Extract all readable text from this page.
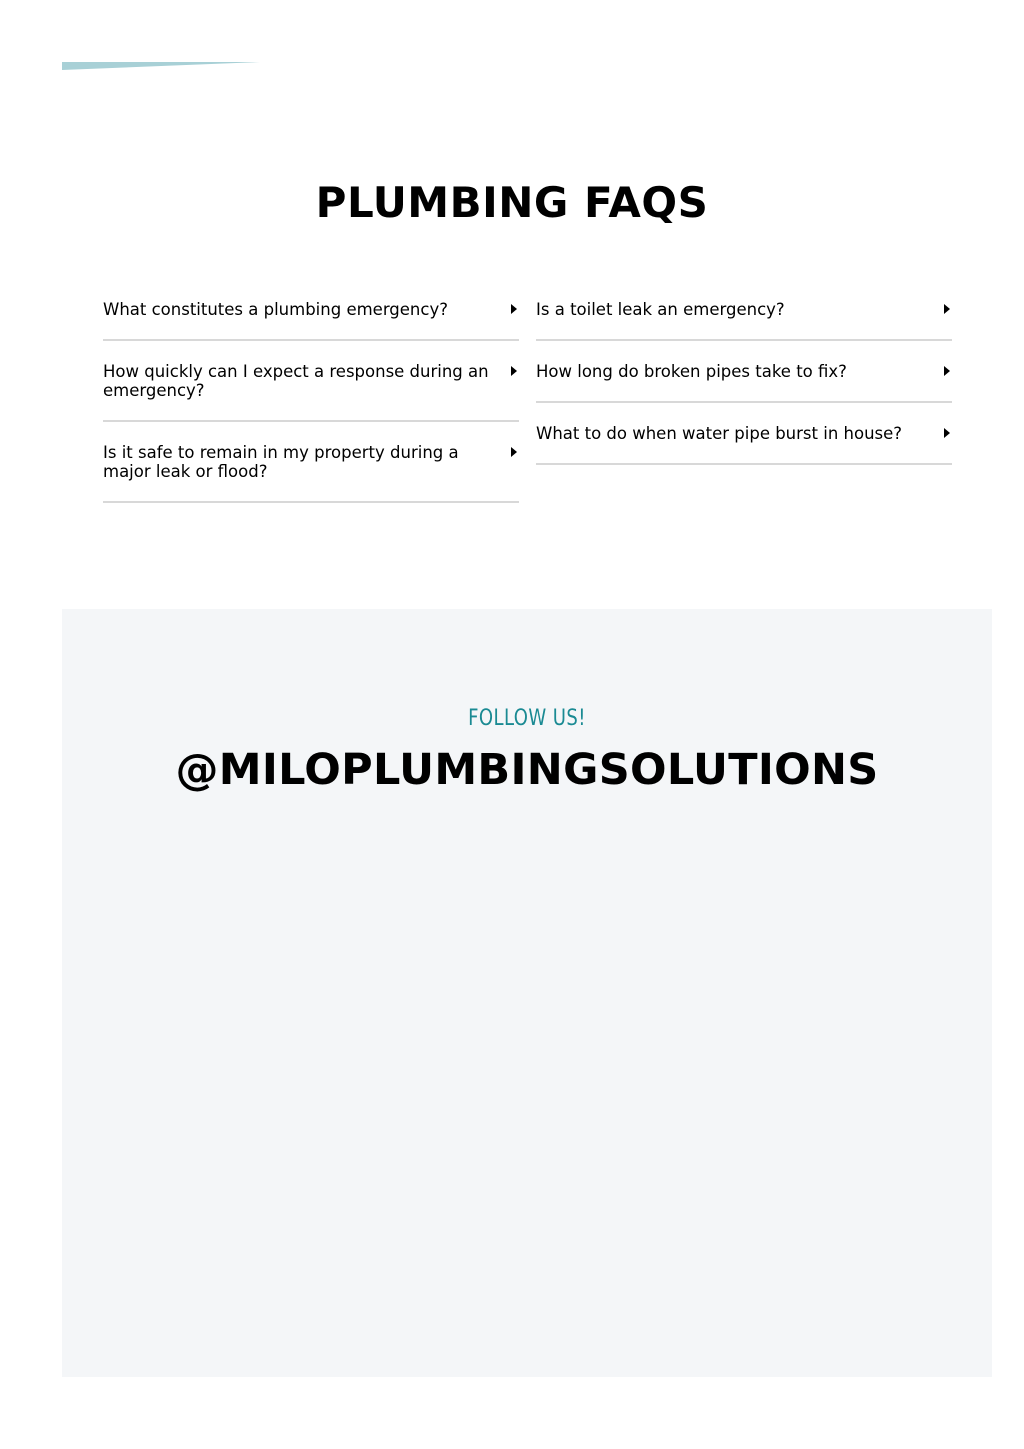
PLUMBING FAQS
What constitutes a plumbing emergency?
How quickly can I expect a response during an emergency?
Is it safe to remain in my property during a major leak or flood?
Is a toilet leak an emergency?
How long do broken pipes take to fix?
What to do when water pipe burst in house?
FOLLOW US!
@MILOPLUMBINGSOLUTIONS
